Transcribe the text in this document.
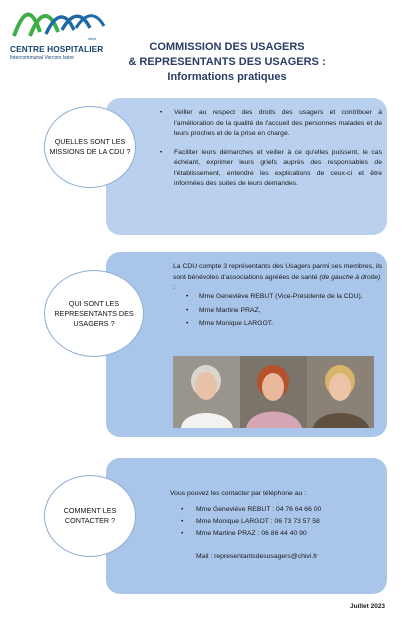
chivi
CENTRE HOSPITALIER
Intercommunal Vercors Isère
COMMISSION DES USAGERS
& REPRESENTANTS DES USAGERS :
Informations pratiques
QUELLES SONT LES MISSIONS DE LA CDU ?
• Veiller au respect des droits des usagers et contribuer à l'amélioration de la qualité de l'accueil des personnes malades et de leurs proches et de la prise en charge.
• Faciliter leurs démarches et veiller à ce qu'elles puissent, le cas échéant, exprimer leurs griefs auprès des responsables de l'établissement, entendre les explications de ceux-ci et être informées des suites de leurs demandes.
QUI SONT LES REPRESENTANTS DES USAGERS ?
La CDU compte 3 représentants des Usagers parmi ses membres, ils sont bénévoles d'associations agréées de santé (de gauche à droite) :
• Mme Geneviève REBUT (Vice-Présidente de la CDU),
• Mme Martine PRAZ,
• Mme Monique LARGOT.
COMMENT LES CONTACTER ?
Vous pouvez les contacter par téléphone au :
• Mme Geneviève REBUT : 04 76 64 66 00
• Mme Monique LARGOT : 06 73 73 57 58
• Mme Martine PRAZ : 06 86 44 40 90
Mail : representantsdesusagers@chivi.fr
Juillet 2023
